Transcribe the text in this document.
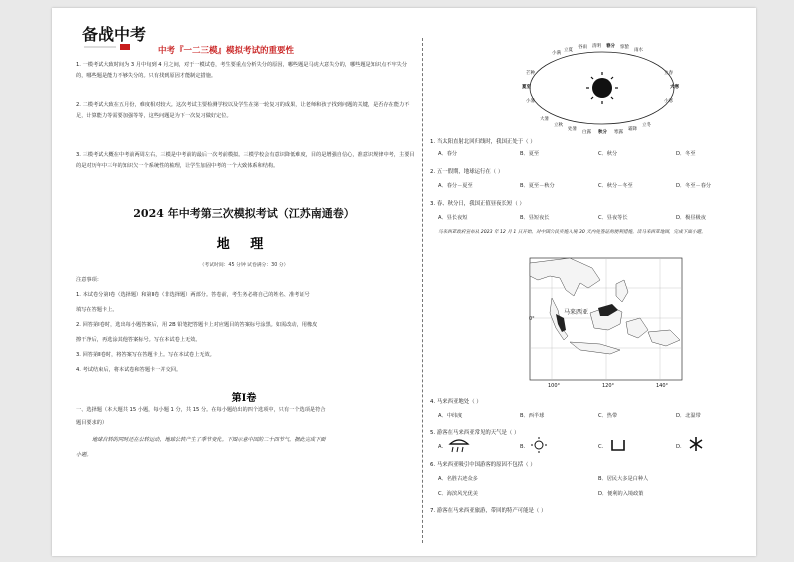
备战中考
中考『一二三模』模拟考试的重要性
1. 一模考试大致时间为 3 月中旬到 4 月之间，对于一模试卷，考生要重点分析失分的原因，哪些题是马虎大意失分的，哪些题是知识点不牢失分的，哪些题是能力不够失分的。只有找到原因才能制定措施。
2. 二模考试大致在五月份，难度相对较大。这次考试主要检测学校以及学生在第一轮复习的成果，让老师和孩子找到问题的关键，是否存在能力不足，计算能力等需要加强等等，这些问题是为下一次复习做好定位。
3. 三模考试大概在中考前两周左右，三模是中考前的最后一次考前模拟。三模学校会有意识降低难度，目的是增强自信心，准意识规律中考，主要目的是对历年中三年的知识欠一个系统性的梳理，让学生加固中考的一个大致体系和结构。
2024 年中考第三次模拟考试（江苏南通卷）
地 理
（考试时间：45 分钟 试卷满分：30 分）
注意事项：
1. 本试卷分第Ⅰ卷（选择题）和第Ⅱ卷（非选择题）两部分。答卷前，考生务必将自己的姓名、准考证号
填写在答题卡上。
2. 回答第Ⅰ卷时，选出每小题答案后，用 2B 铅笔把答题卡上对应题目的答案标号涂黑。如需改动，用橡皮
擦干净后，再选涂其他答案标号。写在本试卷上无效。
3. 回答第Ⅱ卷时，将答案写在答题卡上。写在本试卷上无效。
4. 考试结束后，将本试卷和答题卡一并交回。
第Ⅰ卷
一、选择题（本大题共 15 小题，每小题 1 分，共 15 分。在每小题给出的四个选项中，只有一个选项是符合
题目要求的）
地球自转的同时还在公转运动，地球公转产生了季节变化。下图示意中国的二十四节气。据此完成下面
小题。
小满
立夏
谷雨 清明 春分 惊蛰
雨水
芒种
夏至
小暑
立春
大寒
小寒
大暑
立秋
处暑
白露 秋分 寒露
霜降
立冬
1. 当太阳直射北回归线时，我国正处于（ ）
A．春分	B．夏至	C．秋分	D．冬至
2. 五一假期，地球运行在（ ）
A．春分－夏至	B．夏至－秋分	C．秋分－冬至	D．冬至－春分
3. 春、秋分日，我国正值昼夜长短（ ）
A．昼长夜短	B．昼短夜长	C．昼夜等长	D．极昼极夜
马来西亚政府宣布从 2023 年 12 月 1 日开始，对中国公民实施入境 30 天内免签证的便利措施。读马来西亚地图，完成下面小题。
马来西亚
0°
100°	120°	140°
4. 马来西亚地处（ ）
A．中纬度	B．西半球	C．热带	D．北温带
5. 游客在马来西亚常见的天气是（ ）
A.	B.	C.	D.
6. 马来西亚吸引中国游客的原因不包括（ ）
A．名胜古迹众多	B．居民大多是白种人
C．海滨风光优美	D．便利的入境政策
7. 游客在马来西亚旅游，带回的特产可能是（ ）
